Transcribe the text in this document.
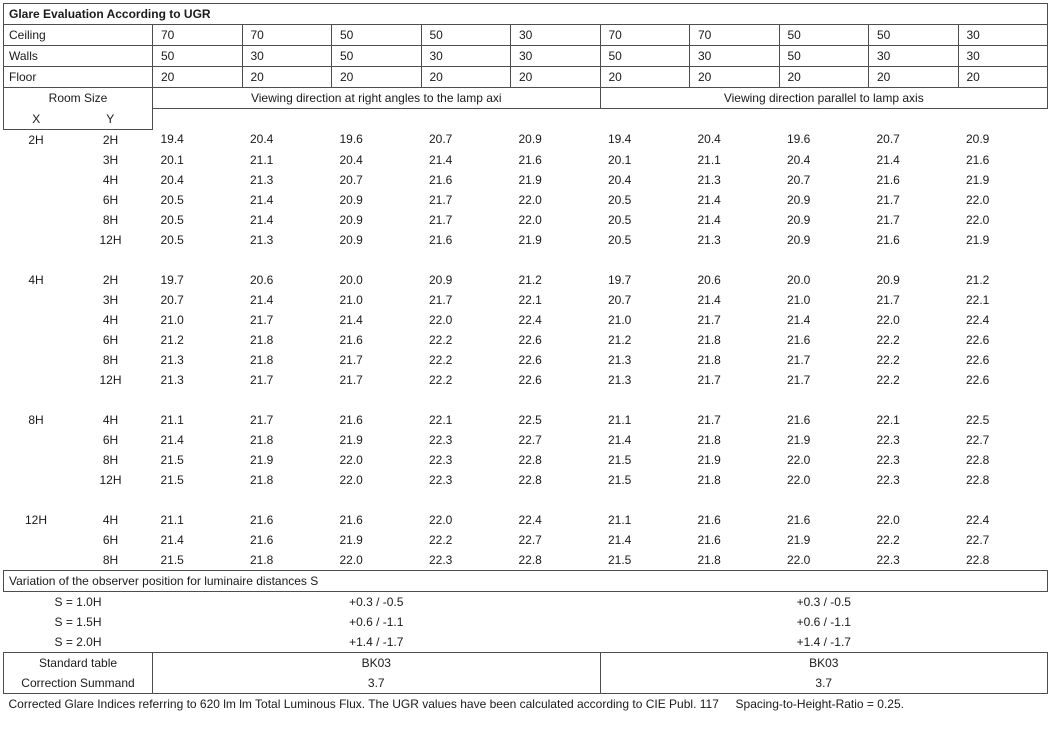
Glare Evaluation According to UGR											
Ceiling		70	70	50	50	30	70	70	50	50	30
Walls		50	30	50	30	30	50	30	50	30	30
Floor		20	20	20	20	20	20	20	20	20	20
Room Size		Viewing direction at right angles to the lamp axi					Viewing direction parallel to lamp axis				
X	Y										
2H	2H	19.4	20.4	19.6	20.7	20.9	19.4	20.4	19.6	20.7	20.9
	3H	20.1	21.1	20.4	21.4	21.6	20.1	21.1	20.4	21.4	21.6
	4H	20.4	21.3	20.7	21.6	21.9	20.4	21.3	20.7	21.6	21.9
	6H	20.5	21.4	20.9	21.7	22.0	20.5	21.4	20.9	21.7	22.0
	8H	20.5	21.4	20.9	21.7	22.0	20.5	21.4	20.9	21.7	22.0
	12H	20.5	21.3	20.9	21.6	21.9	20.5	21.3	20.9	21.6	21.9

4H	2H	19.7	20.6	20.0	20.9	21.2	19.7	20.6	20.0	20.9	21.2
	3H	20.7	21.4	21.0	21.7	22.1	20.7	21.4	21.0	21.7	22.1
	4H	21.0	21.7	21.4	22.0	22.4	21.0	21.7	21.4	22.0	22.4
	6H	21.2	21.8	21.6	22.2	22.6	21.2	21.8	21.6	22.2	22.6
	8H	21.3	21.8	21.7	22.2	22.6	21.3	21.8	21.7	22.2	22.6
	12H	21.3	21.7	21.7	22.2	22.6	21.3	21.7	21.7	22.2	22.6

8H	4H	21.1	21.7	21.6	22.1	22.5	21.1	21.7	21.6	22.1	22.5
	6H	21.4	21.8	21.9	22.3	22.7	21.4	21.8	21.9	22.3	22.7
	8H	21.5	21.9	22.0	22.3	22.8	21.5	21.9	22.0	22.3	22.8
	12H	21.5	21.8	22.0	22.3	22.8	21.5	21.8	22.0	22.3	22.8

12H	4H	21.1	21.6	21.6	22.0	22.4	21.1	21.6	21.6	22.0	22.4
	6H	21.4	21.6	21.9	22.2	22.7	21.4	21.6	21.9	22.2	22.7
	8H	21.5	21.8	22.0	22.3	22.8	21.5	21.8	22.0	22.3	22.8
Variation of the observer position for luminaire distances S											
S = 1.0H		+0.3 / -0.5					+0.3 / -0.5				
S = 1.5H		+0.6 / -1.1					+0.6 / -1.1				
S = 2.0H		+1.4 / -1.7					+1.4 / -1.7				
Standard table		BK03					BK03				
Correction Summand		3.7					3.7				
Corrected Glare Indices referring to 620 lm lm Total Luminous Flux. The UGR values have been calculated according to CIE Publ. 117     Spacing-to-Height-Ratio = 0.25.											
